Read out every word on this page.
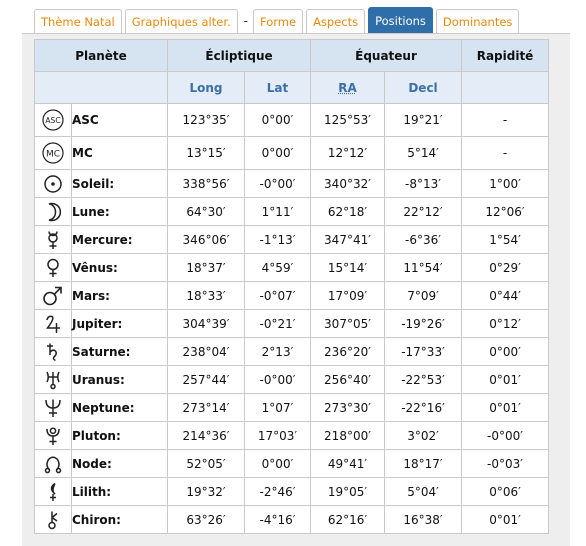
Thème Natal	Graphiques alter.	-	Forme	Aspects	Positions	Dominantes
Planète		Écliptique		Équateur		Rapidité
		Long	Lat	RA	Decl	

ASC	ASC	123°35′	0°00′	125°53′	19°21′	-

MC	MC	13°15′	0°00′	12°12′	5°14′	-

	Soleil:	338°56′	-0°00′	340°32′	-8°13′	1°00′

	Lune:	64°30′	1°11′	62°18′	22°12′	12°06′

	Mercure:	346°06′	-1°13′	347°41′	-6°36′	1°54′

	Vênus:	18°37′	4°59′	15°14′	11°54′	0°29′

	Mars:	18°33′	-0°07′	17°09′	7°09′	0°44′

	Jupiter:	304°39′	-0°21′	307°05′	-19°26′	0°12′

	Saturne:	238°04′	2°13′	236°20′	-17°33′	0°00′

	Uranus:	257°44′	-0°00′	256°40′	-22°53′	0°01′

	Neptune:	273°14′	1°07′	273°30′	-22°16′	0°01′

	Pluton:	214°36′	17°03′	218°00′	3°02′	-0°00′

	Node:	52°05′	0°00′	49°41′	18°17′	-0°03′

	Lilith:	19°32′	-2°46′	19°05′	5°04′	0°06′

	Chiron:	63°26′	-4°16′	62°16′	16°38′	0°01′
